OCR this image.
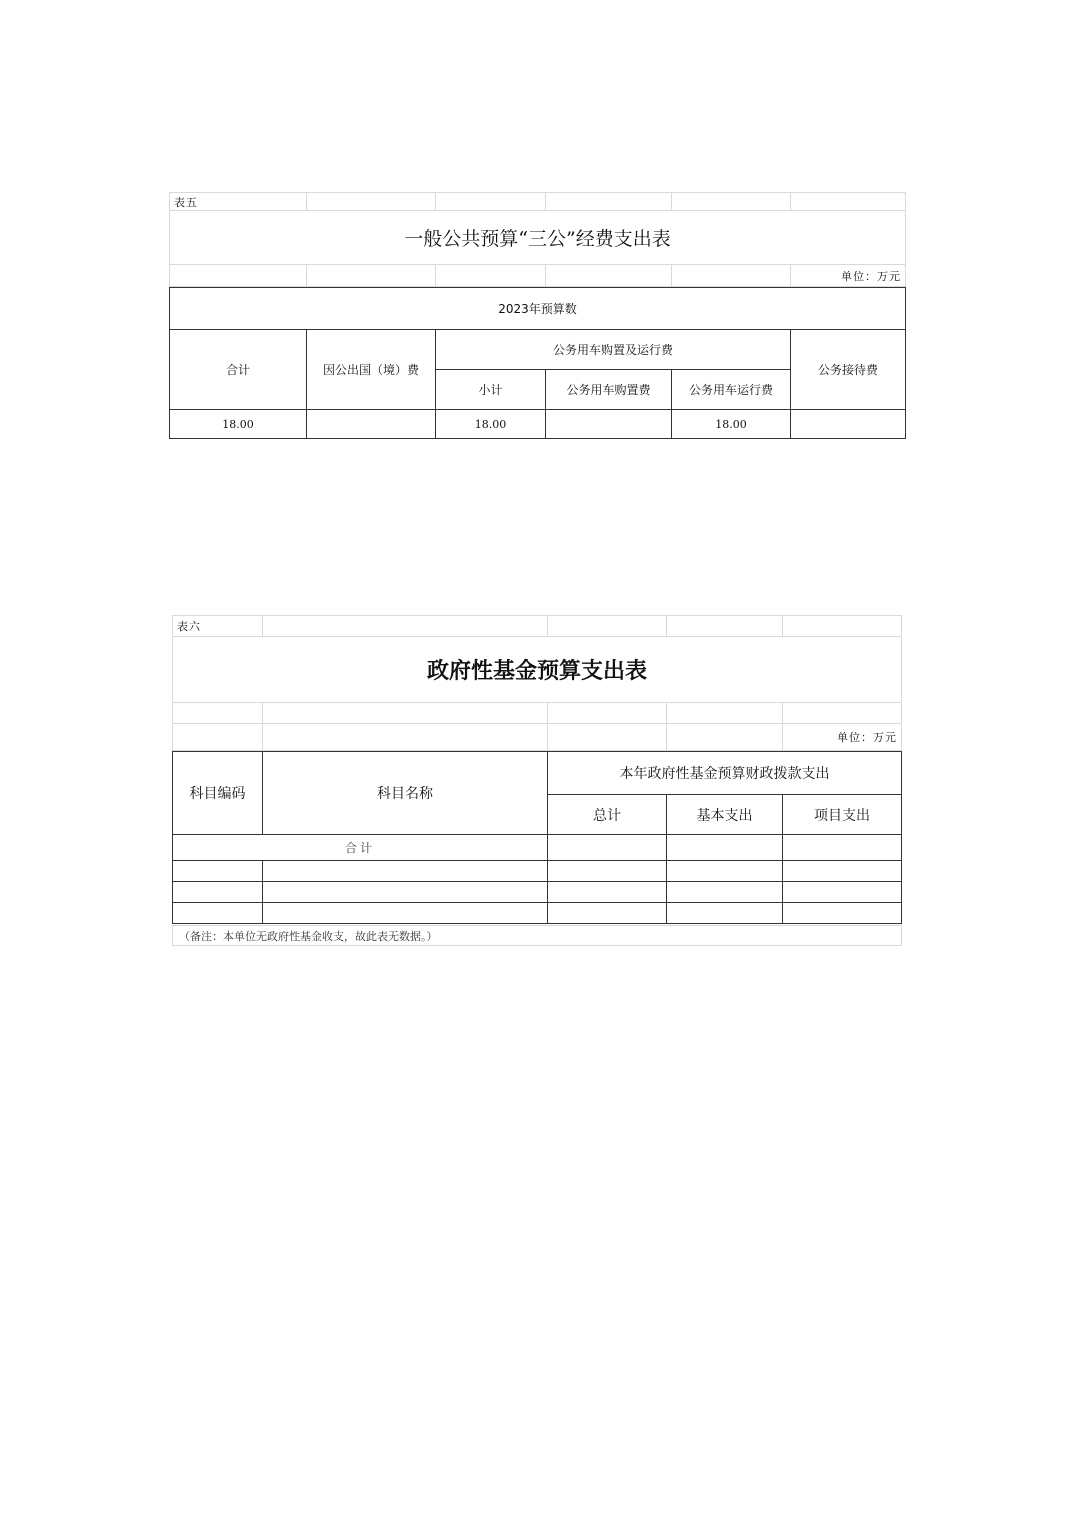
表五					
一般公共预算“三公”经费支出表					
					单位：万元
2023年预算数					
合计	因公出国（境）费	公务用车购置及运行费			公务接待费
		小计	公务用车购置费	公务用车运行费	
18.00		18.00		18.00	
表六				
政府性基金预算支出表				

				单位：万元
科目编码	科目名称	本年政府性基金预算财政拨款支出		
		总计	基本支出	项目支出
合计				

（备注：本单位无政府性基金收支，故此表无数据。）
